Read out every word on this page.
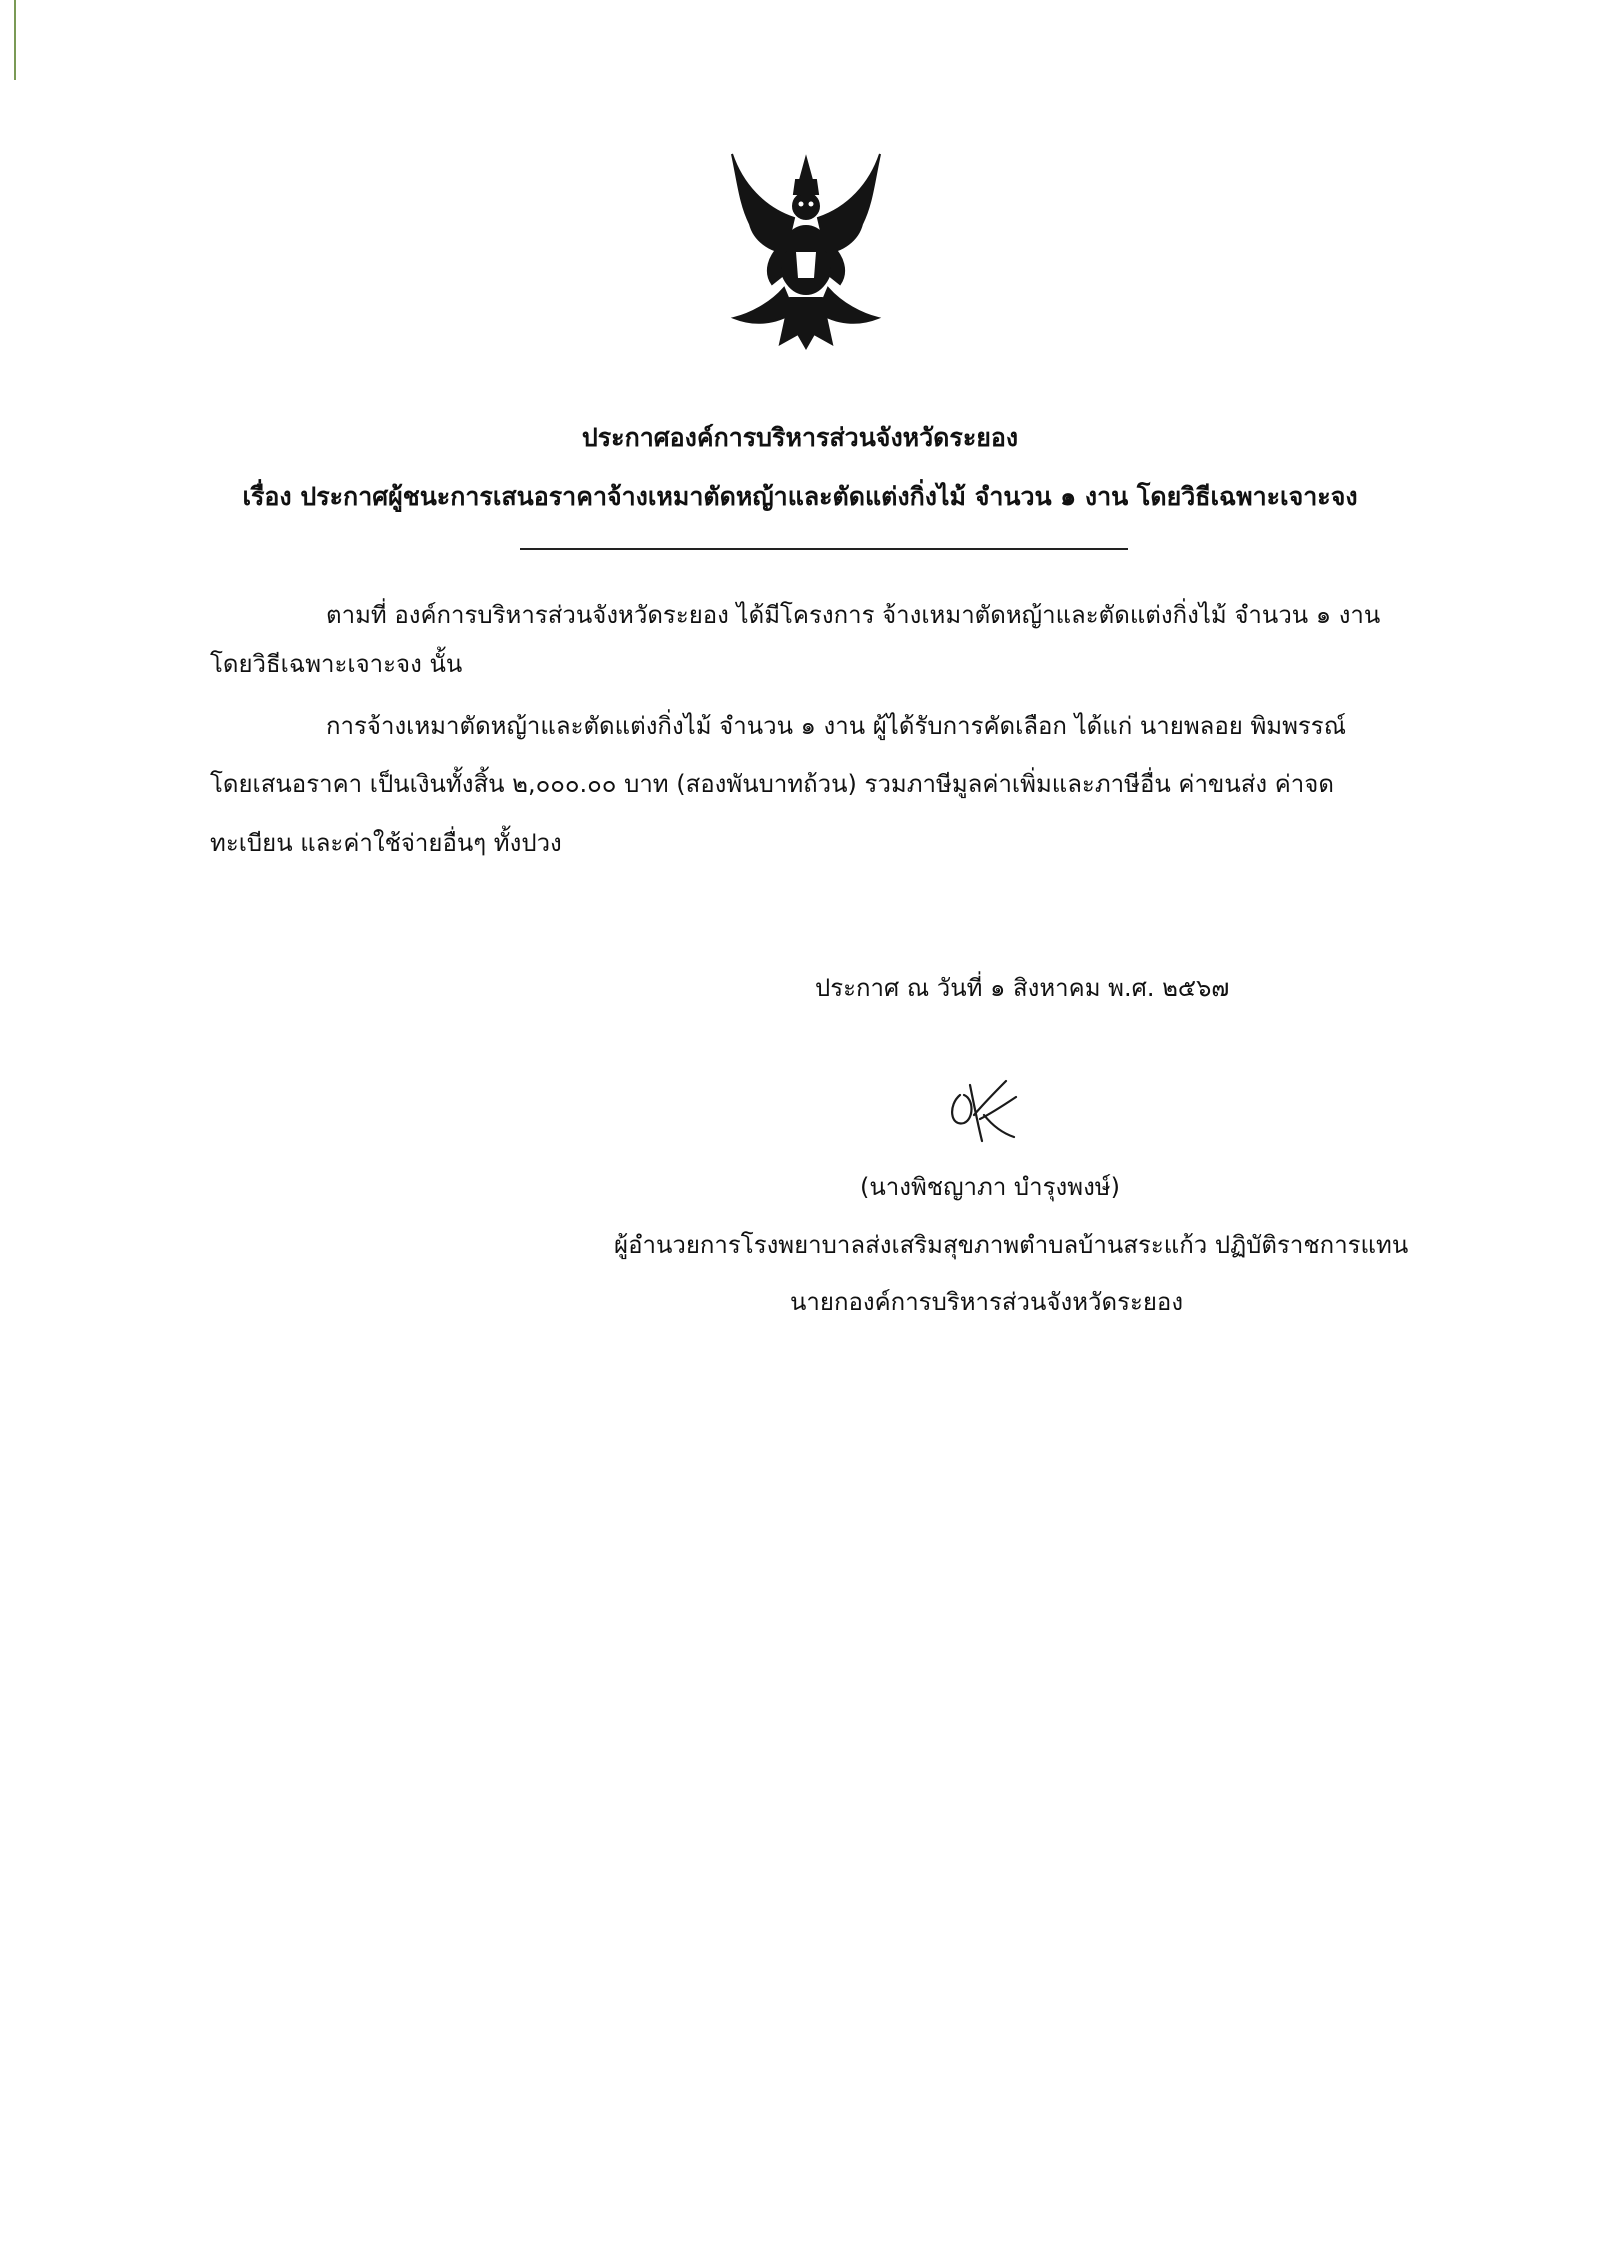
ประกาศองค์การบริหารส่วนจังหวัดระยอง
เรื่อง ประกาศผู้ชนะการเสนอราคาจ้างเหมาตัดหญ้าและตัดแต่งกิ่งไม้ จำนวน ๑ งาน โดยวิธีเฉพาะเจาะจง
ตามที่ องค์การบริหารส่วนจังหวัดระยอง ได้มีโครงการ จ้างเหมาตัดหญ้าและตัดแต่งกิ่งไม้ จำนวน ๑ งาน
โดยวิธีเฉพาะเจาะจง นั้น
การจ้างเหมาตัดหญ้าและตัดแต่งกิ่งไม้ จำนวน ๑ งาน ผู้ได้รับการคัดเลือก ได้แก่ นายพลอย พิมพรรณ์
โดยเสนอราคา เป็นเงินทั้งสิ้น ๒,๐๐๐.๐๐ บาท (สองพันบาทถ้วน) รวมภาษีมูลค่าเพิ่มและภาษีอื่น ค่าขนส่ง ค่าจด
ทะเบียน และค่าใช้จ่ายอื่นๆ ทั้งปวง
ประกาศ ณ วันที่ ๑ สิงหาคม พ.ศ. ๒๕๖๗
(นางพิชญาภา บำรุงพงษ์)
ผู้อำนวยการโรงพยาบาลส่งเสริมสุขภาพตำบลบ้านสระแก้ว ปฏิบัติราชการแทน
นายกองค์การบริหารส่วนจังหวัดระยอง
